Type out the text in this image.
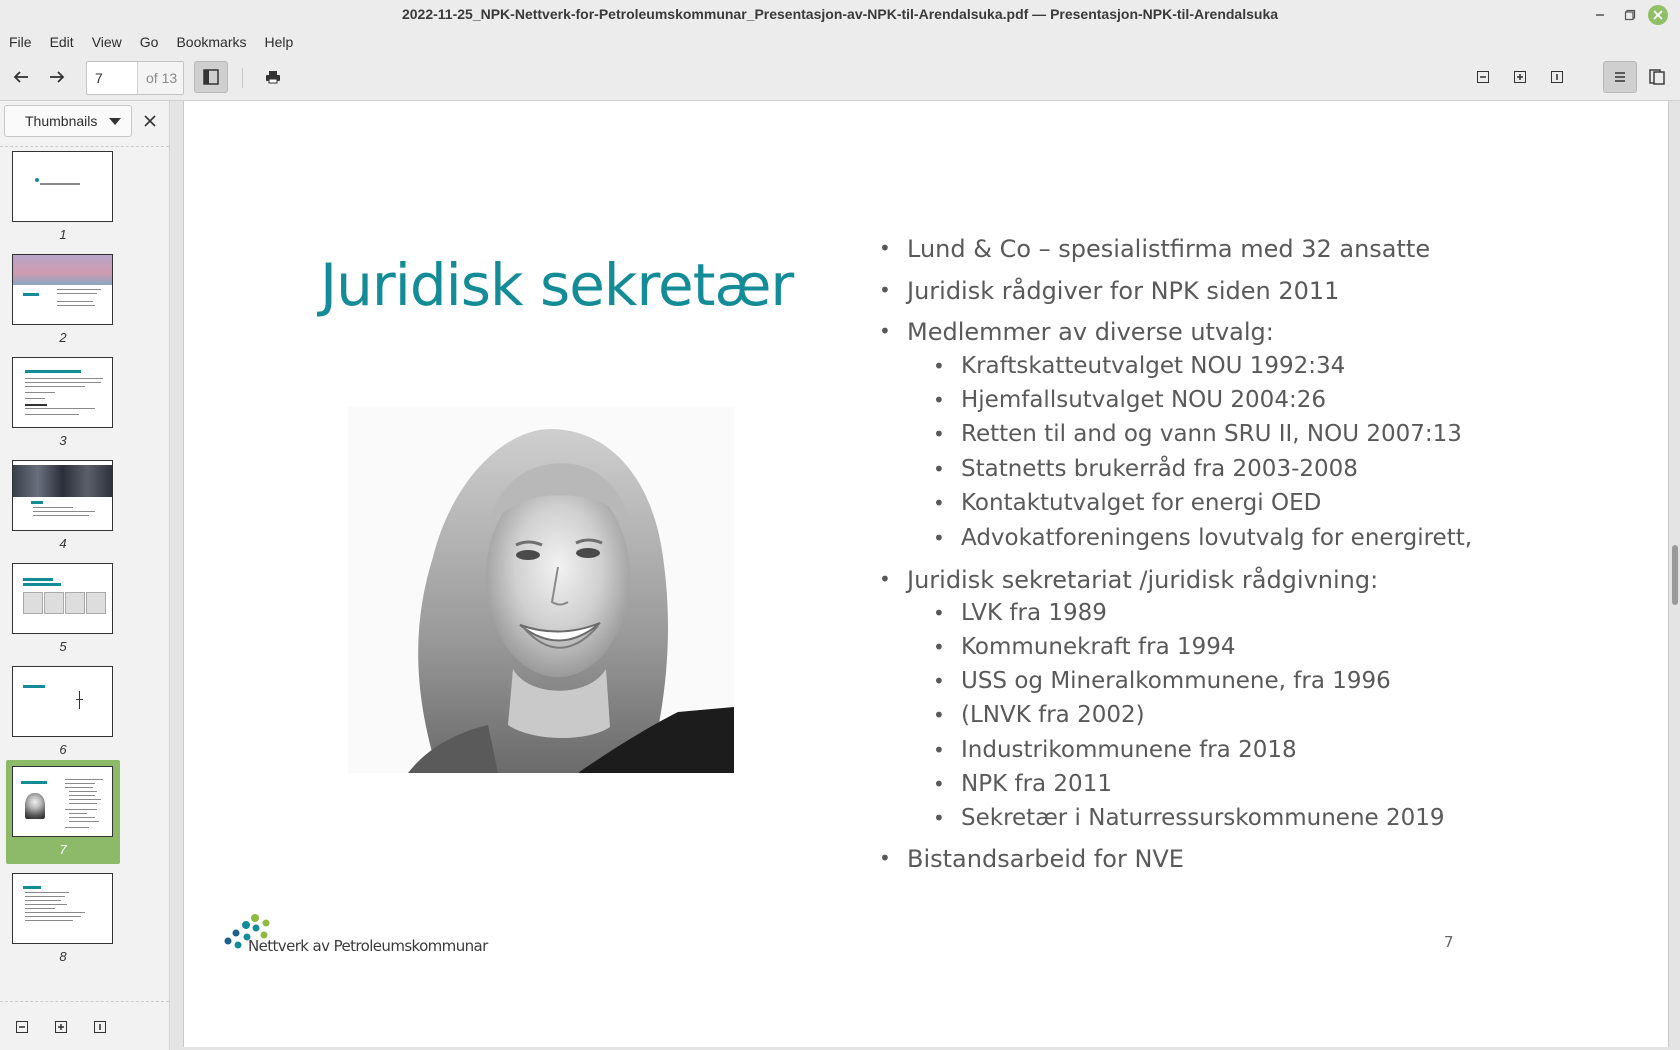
2022-11-25_NPK-Nettverk-for-Petroleumskommunar_Presentasjon-av-NPK-til-Arendalsuka.pdf — Presentasjon-NPK-til-Arendalsuka
File	Edit	View	Go	Bookmarks	Help
7
of 13
Thumbnails
1
2
3
4
5
6
7
8
Juridisk sekretær
• Lund & Co – spesialistfirma med 32 ansatte
• Juridisk rådgiver for NPK siden 2011
• Medlemmer av diverse utvalg:
• Kraftskatteutvalget NOU 1992:34
• Hjemfallsutvalget NOU 2004:26
• Retten til and og vann SRU II, NOU 2007:13
• Statnetts brukerråd fra 2003-2008
• Kontaktutvalget for energi OED
• Advokatforeningens lovutvalg for energirett,
• Juridisk sekretariat /juridisk rådgivning:
• LVK fra 1989
• Kommunekraft fra 1994
• USS og Mineralkommunene, fra 1996
• (LNVK fra 2002)
• Industrikommunene fra 2018
• NPK fra 2011
• Sekretær i Naturressurskommunene 2019
• Bistandsarbeid for NVE
Nettverk av Petroleumskommunar	7
